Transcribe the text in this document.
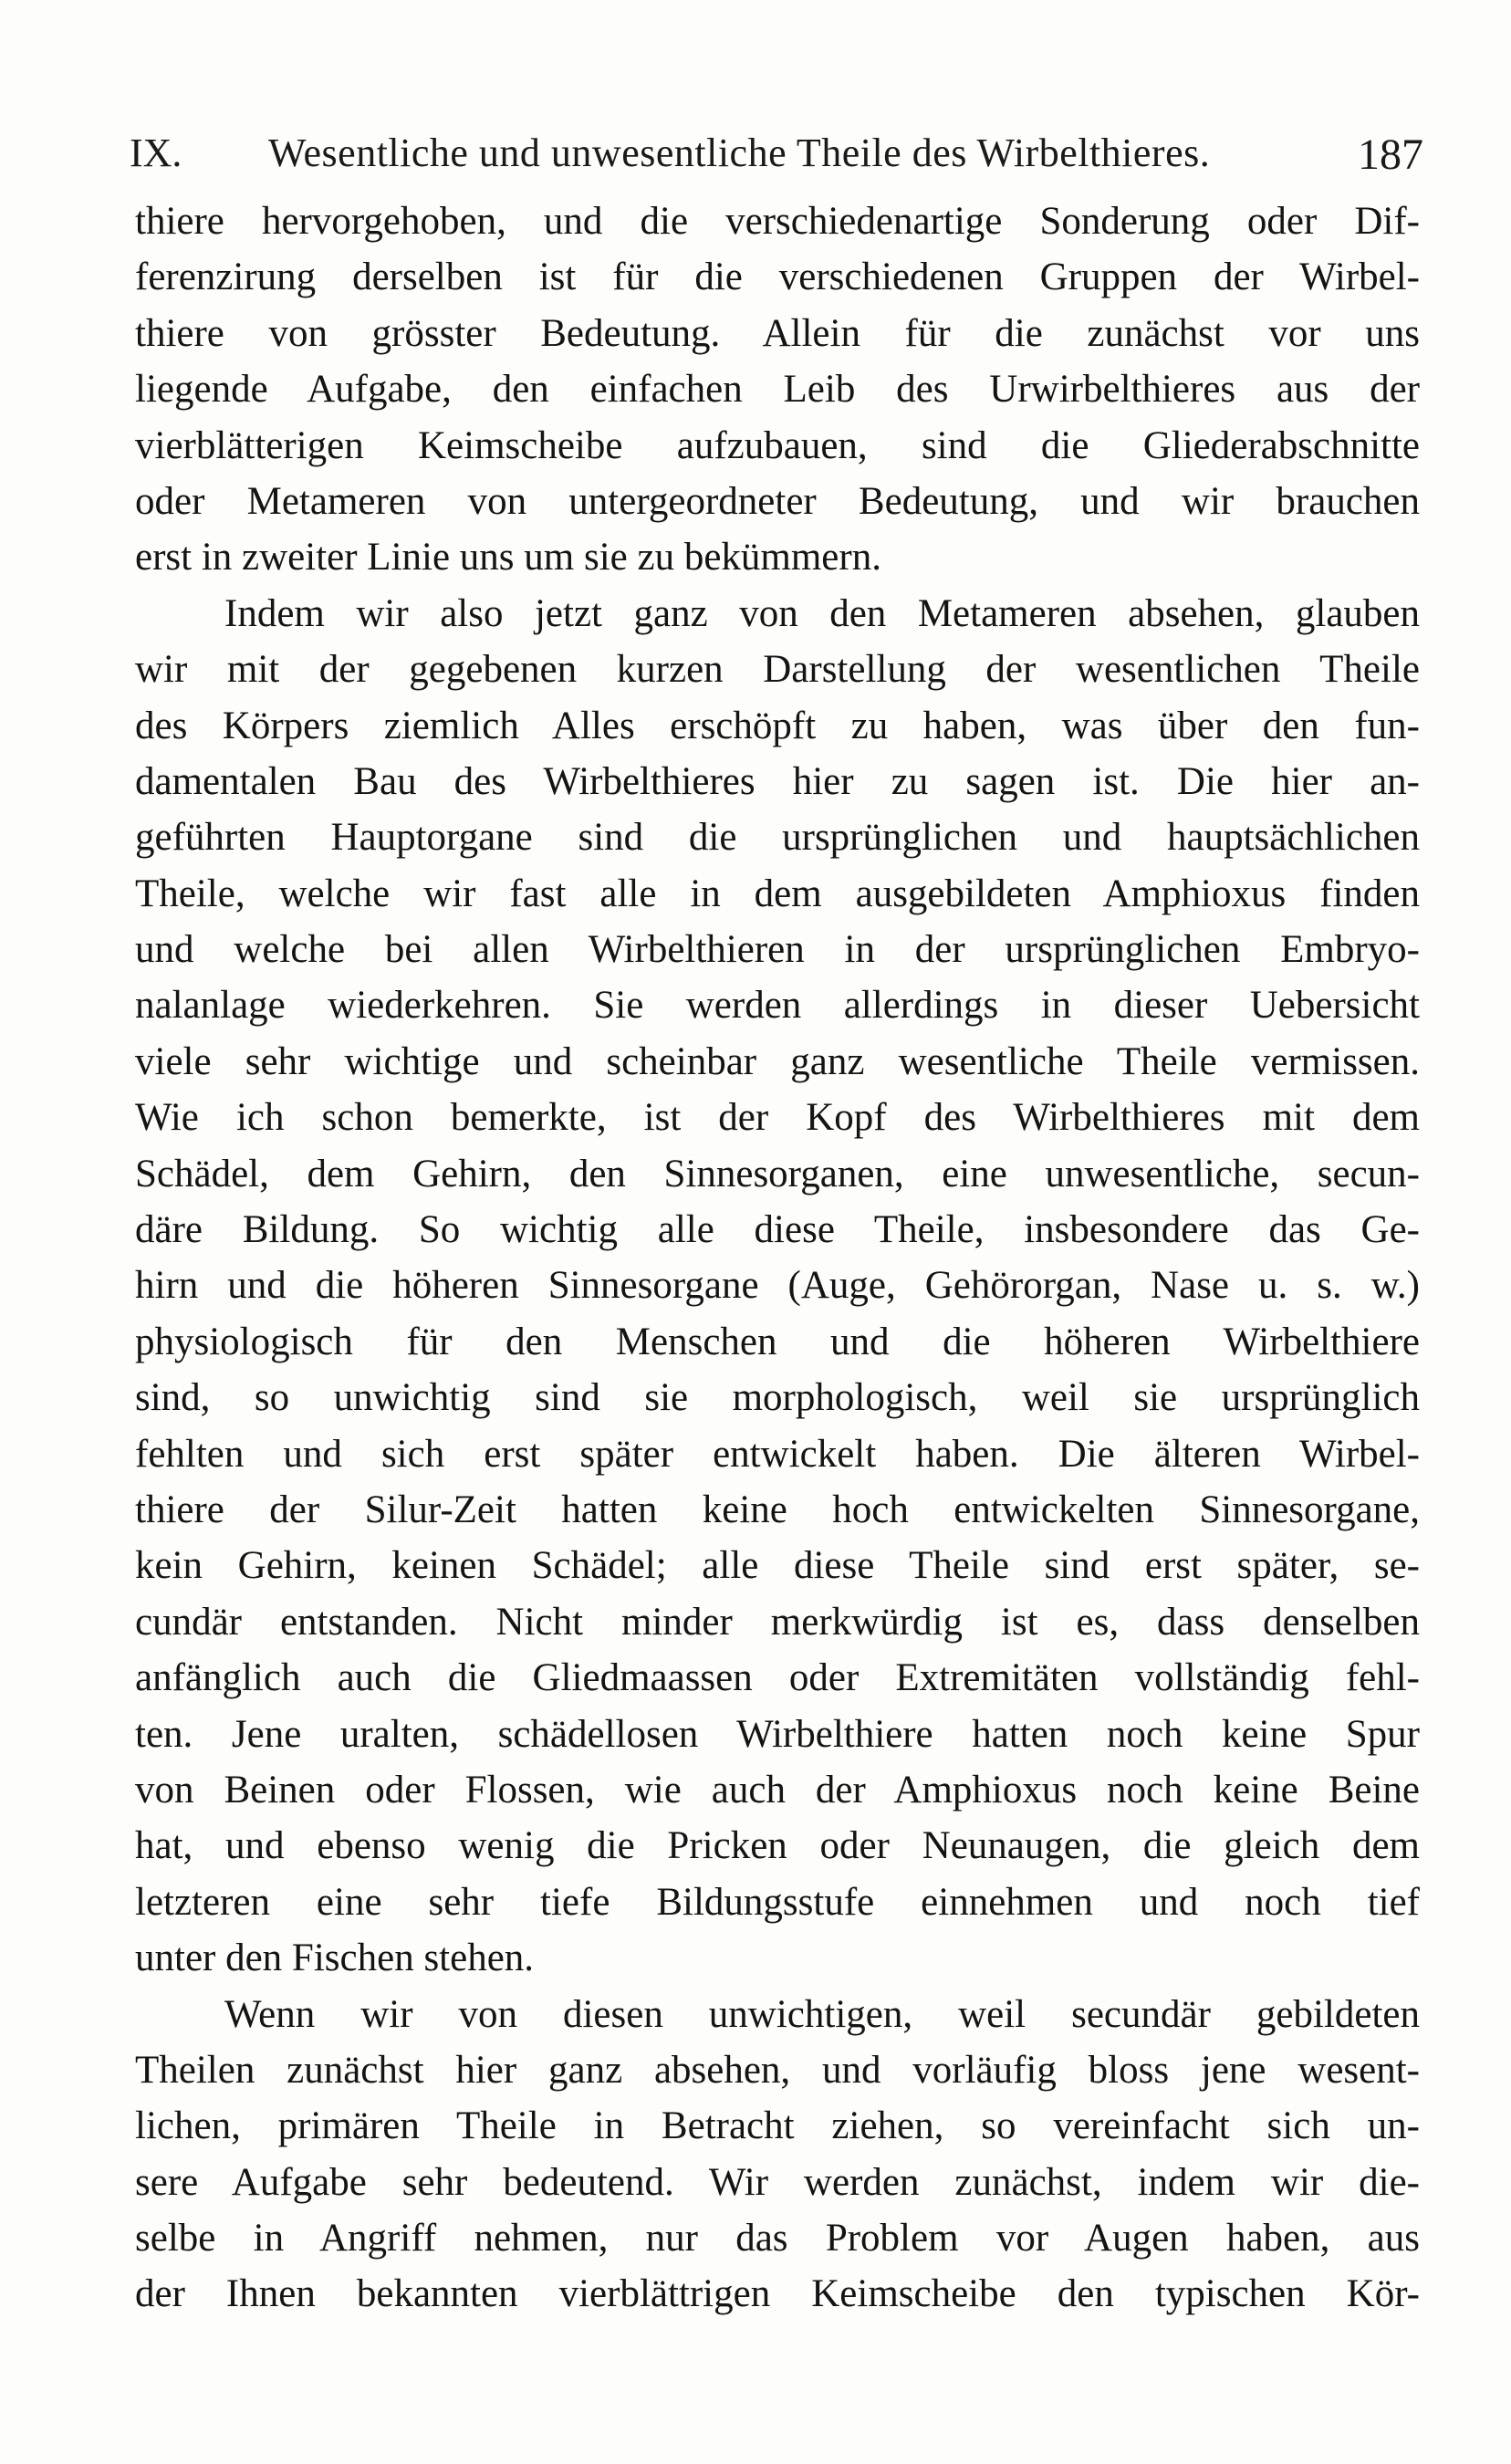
IX. Wesentliche und unwesentliche Theile des Wirbelthieres.	187
thiere hervorgehoben, und die verschiedenartige Sonderung oder Dif-
ferenzirung derselben ist für die verschiedenen Gruppen der Wirbel-
thiere von grösster Bedeutung. Allein für die zunächst vor uns
liegende Aufgabe, den einfachen Leib des Urwirbelthieres aus der
vierblätterigen Keimscheibe aufzubauen, sind die Gliederabschnitte
oder Metameren von untergeordneter Bedeutung, und wir brauchen
erst in zweiter Linie uns um sie zu bekümmern.
Indem wir also jetzt ganz von den Metameren absehen, glauben
wir mit der gegebenen kurzen Darstellung der wesentlichen Theile
des Körpers ziemlich Alles erschöpft zu haben, was über den fun-
damentalen Bau des Wirbelthieres hier zu sagen ist. Die hier an-
geführten Hauptorgane sind die ursprünglichen und hauptsächlichen
Theile, welche wir fast alle in dem ausgebildeten Amphioxus finden
und welche bei allen Wirbelthieren in der ursprünglichen Embryo-
nalanlage wiederkehren. Sie werden allerdings in dieser Uebersicht
viele sehr wichtige und scheinbar ganz wesentliche Theile vermissen.
Wie ich schon bemerkte, ist der Kopf des Wirbelthieres mit dem
Schädel, dem Gehirn, den Sinnesorganen, eine unwesentliche, secun-
däre Bildung. So wichtig alle diese Theile, insbesondere das Ge-
hirn und die höheren Sinnesorgane (Auge, Gehörorgan, Nase u. s. w.)
physiologisch für den Menschen und die höheren Wirbelthiere
sind, so unwichtig sind sie morphologisch, weil sie ursprünglich
fehlten und sich erst später entwickelt haben. Die älteren Wirbel-
thiere der Silur-Zeit hatten keine hoch entwickelten Sinnesorgane,
kein Gehirn, keinen Schädel; alle diese Theile sind erst später, se-
cundär entstanden. Nicht minder merkwürdig ist es, dass denselben
anfänglich auch die Gliedmaassen oder Extremitäten vollständig fehl-
ten. Jene uralten, schädellosen Wirbelthiere hatten noch keine Spur
von Beinen oder Flossen, wie auch der Amphioxus noch keine Beine
hat, und ebenso wenig die Pricken oder Neunaugen, die gleich dem
letzteren eine sehr tiefe Bildungsstufe einnehmen und noch tief
unter den Fischen stehen.
Wenn wir von diesen unwichtigen, weil secundär gebildeten
Theilen zunächst hier ganz absehen, und vorläufig bloss jene wesent-
lichen, primären Theile in Betracht ziehen, so vereinfacht sich un-
sere Aufgabe sehr bedeutend. Wir werden zunächst, indem wir die-
selbe in Angriff nehmen, nur das Problem vor Augen haben, aus
der Ihnen bekannten vierblättrigen Keimscheibe den typischen Kör-
